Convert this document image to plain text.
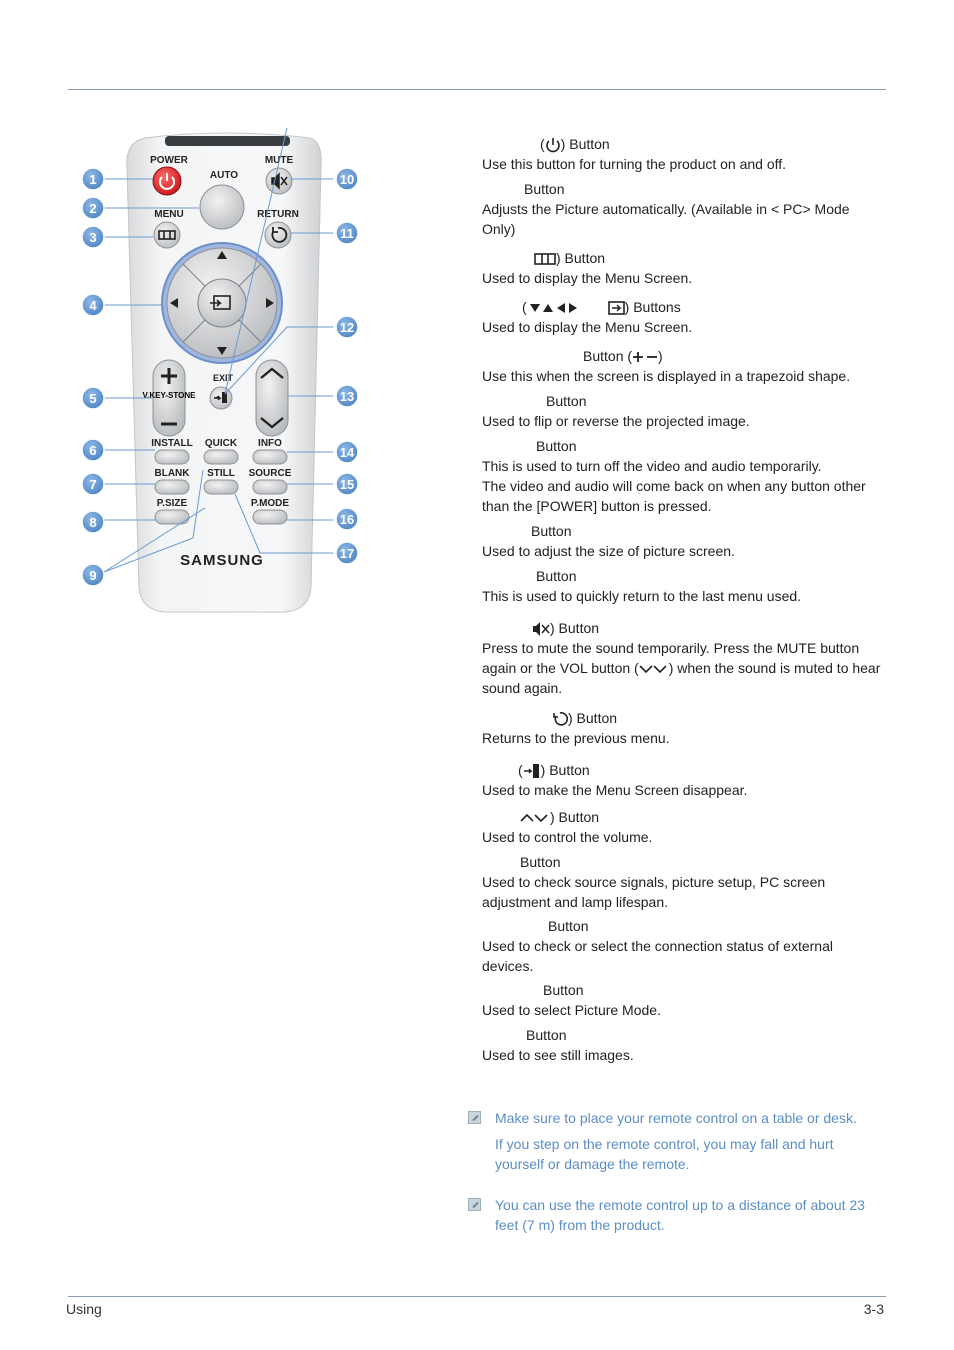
POWER
AUTO
MUTE
MENU	RETURN
EXIT
INSTALL QUICK INFO
BLANK STILL SOURCE
P.SIZE	P.MODE
SAMSUNG
V.KEY-STONE
1
2
3
4
5
6
7
8
9
10
11
12
13
14
15
16
17
( ) Button
Use this button for turning the product on and off.
Button
Adjusts the Picture automatically. (Available in < PC> Mode Only)
) Button
Used to display the Menu Screen.
(	) Buttons
Used to display the Menu Screen.
Button ( )
Use this when the screen is displayed in a trapezoid shape.
Button
Used to flip or reverse the projected image.
Button
This is used to turn off the video and audio temporarily.
The video and audio will come back on when any button other than the [POWER] button is pressed.
Button
Used to adjust the size of picture screen.
Button
This is used to quickly return to the last menu used.
) Button
Press to mute the sound temporarily. Press the MUTE button again or the VOL button ( ) when the sound is muted to hear sound again.
) Button
Returns to the previous menu.
( ) Button
Used to make the Menu Screen disappear.
) Button
Used to control the volume.
Button
Used to check source signals, picture setup, PC screen adjustment and lamp lifespan.
Button
Used to check or select the connection status of external devices.
Button
Used to select Picture Mode.
Button
Used to see still images.

Make sure to place your remote control on a table or desk.

If you step on the remote control, you may fall and hurt yourself or damage the remote.

You can use the remote control up to a distance of about 23 feet (7 m) from the product.

Using	3-3
